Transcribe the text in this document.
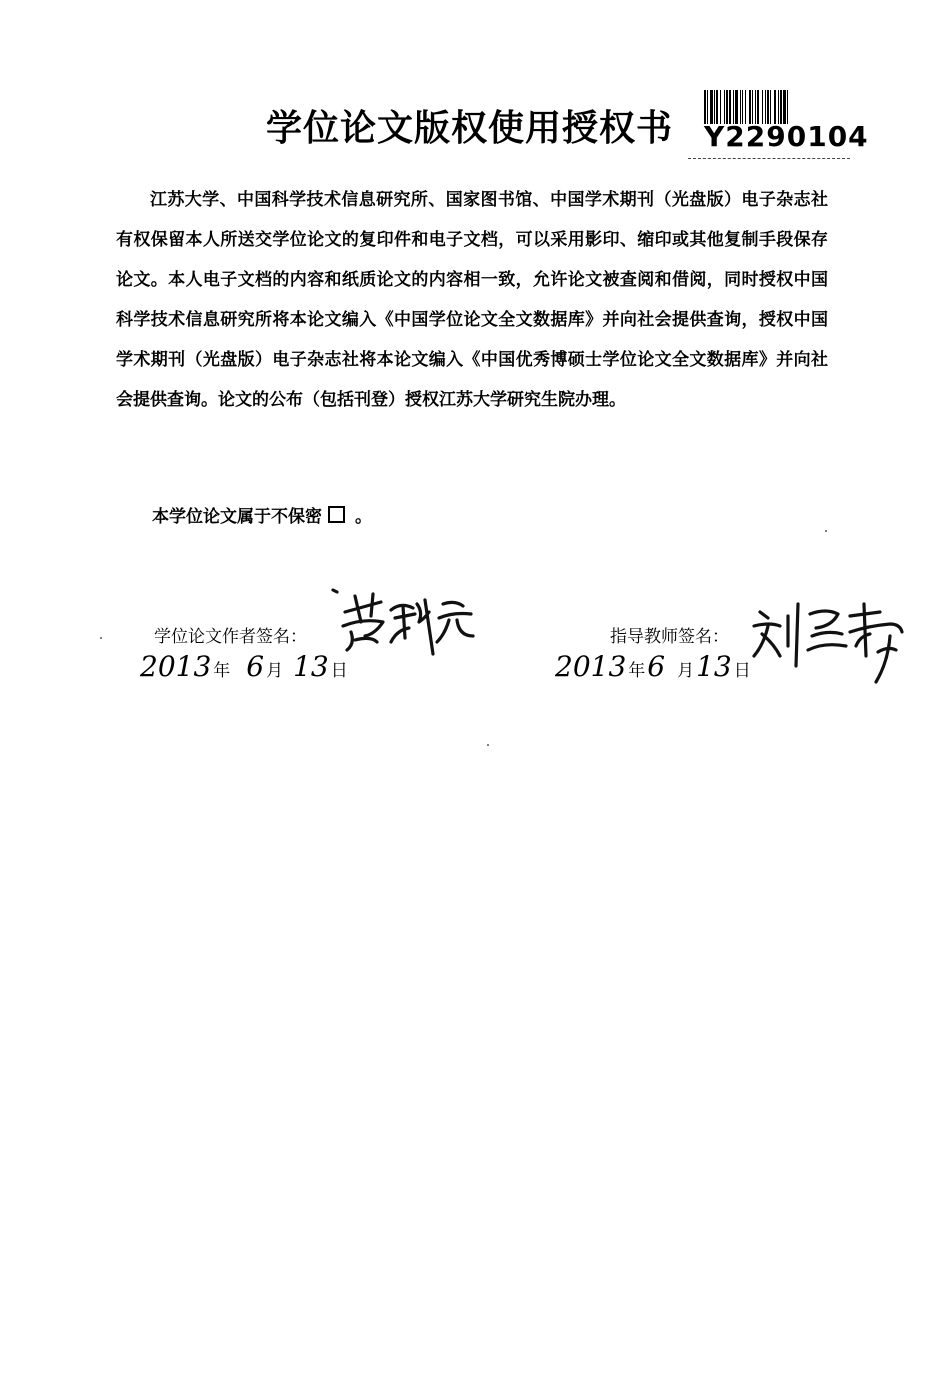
学位论文版权使用授权书 Y2290104
江苏大学、中国科学技术信息研究所、国家图书馆、中国学术期刊（光盘版）电子杂志社有权保留本人所送交学位论文的复印件和电子文档，可以采用影印、缩印或其他复制手段保存论文。本人电子文档的内容和纸质论文的内容相一致，允许论文被查阅和借阅，同时授权中国科学技术信息研究所将本论文编入《中国学位论文全文数据库》并向社会提供查询，授权中国学术期刊（光盘版）电子杂志社将本论文编入《中国优秀博硕士学位论文全文数据库》并向社会提供查询。论文的公布（包括刊登）授权江苏大学研究生院办理。
本学位论文属于不保密 。
学位论文作者签名：
2013 年 6 月 13 日
指导教师签名：
2013 年6 月13 日
